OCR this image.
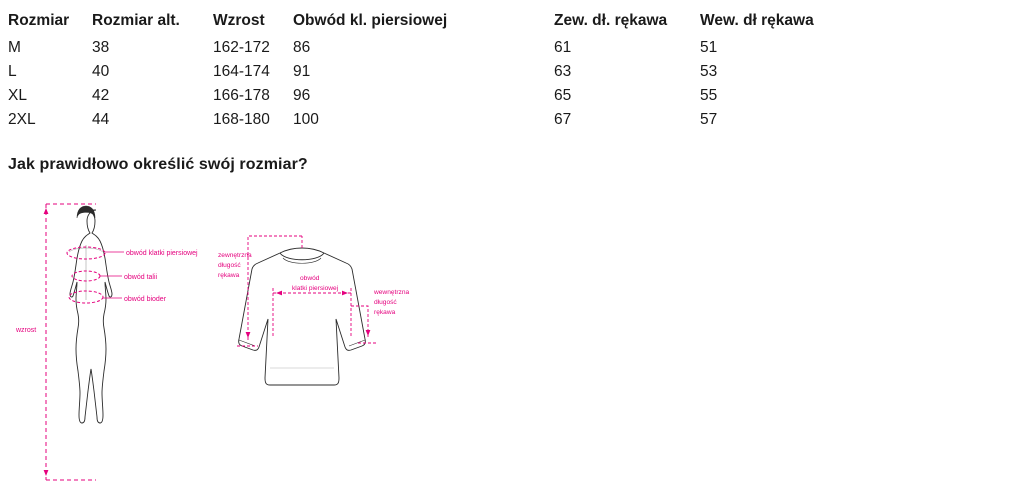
Rozmiar	Rozmiar alt.	Wzrost	Obwód kl. piersiowej	Zew. dł. rękawa	Wew. dł rękawa
M	38	162-172	86	61	51
L	40	164-174	91	63	53
XL	42	166-178	96	65	55
2XL	44	168-180	100	67	57
Jak prawidłowo określić swój rozmiar?
obwód klatki piersiowej
obwód talii
obwód bioder
wzrost
zewnętrzna
długość
rękawa	obwód
klatki piersiowej
wewnętrzna
długość
rękawa
